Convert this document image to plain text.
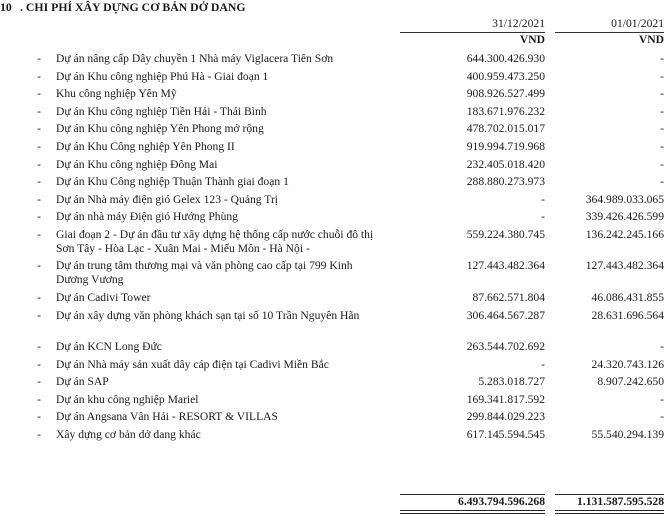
10 . CHI PHÍ XÂY DỰNG CƠ BẢN DỞ DANG
31/12/2021	01/01/2021
VND	VND
- Dự án nâng cấp Dây chuyền 1 Nhà máy Viglacera Tiên Sơn	644.300.426.930	-
- Dự án Khu công nghiệp Phú Hà - Giai đoạn 1	400.959.473.250	-
- Khu công nghiệp Yên Mỹ	908.926.527.499	-
- Dự án Khu công nghiệp Tiền Hải - Thái Bình	183.671.976.232	-
- Dự án Khu công nghiệp Yên Phong mở rộng	478.702.015.017	-
- Dự án Khu Công nghiệp Yên Phong II	919.994.719.968	-
- Dự án Khu công nghiệp Đông Mai	232.405.018.420	-
- Dự án Khu Công nghiệp Thuận Thành giai đoạn 1	288.880.273.973	-
- Dự án Nhà máy điện gió Gelex 123 - Quảng Trị	-	364.989.033.065
- Dự án nhà máy Điện gió Hướng Phùng	-	339.426.426.599
- Giai đoạn 2 - Dự án đầu tư xây dựng hệ thống cấp nước chuỗi đô thị Sơn Tây - Hòa Lạc - Xuân Mai - Miếu Môn - Hà Nội -
559.224.380.745	136.242.245.166
- Dự án trung tâm thương mại và văn phòng cao cấp tại 799 Kinh Dương Vương
127.443.482.364	127.443.482.364
- Dự án Cadivi Tower	87.662.571.804	46.086.431.855
- Dự án xây dựng văn phòng khách sạn tại số 10 Trần Nguyên Hãn	306.464.567.287	28.631.696.564
- Dự án KCN Long Đức	263.544.702.692	-
- Dự án Nhà máy sản xuất dây cáp điện tại Cadivi Miền Bắc	-	24.320.743.126
- Dự án SAP	5.283.018.727	8.907.242.650
- Dự án khu công nghiệp Mariel	169.341.817.592	-
- Dự án Angsana Vân Hải - RESORT & VILLAS	299.844.029.223	-
- Xây dựng cơ bản dở dang khác	617.145.594.545	55.540.294.139
6.493.794.596.268	1.131.587.595.528
